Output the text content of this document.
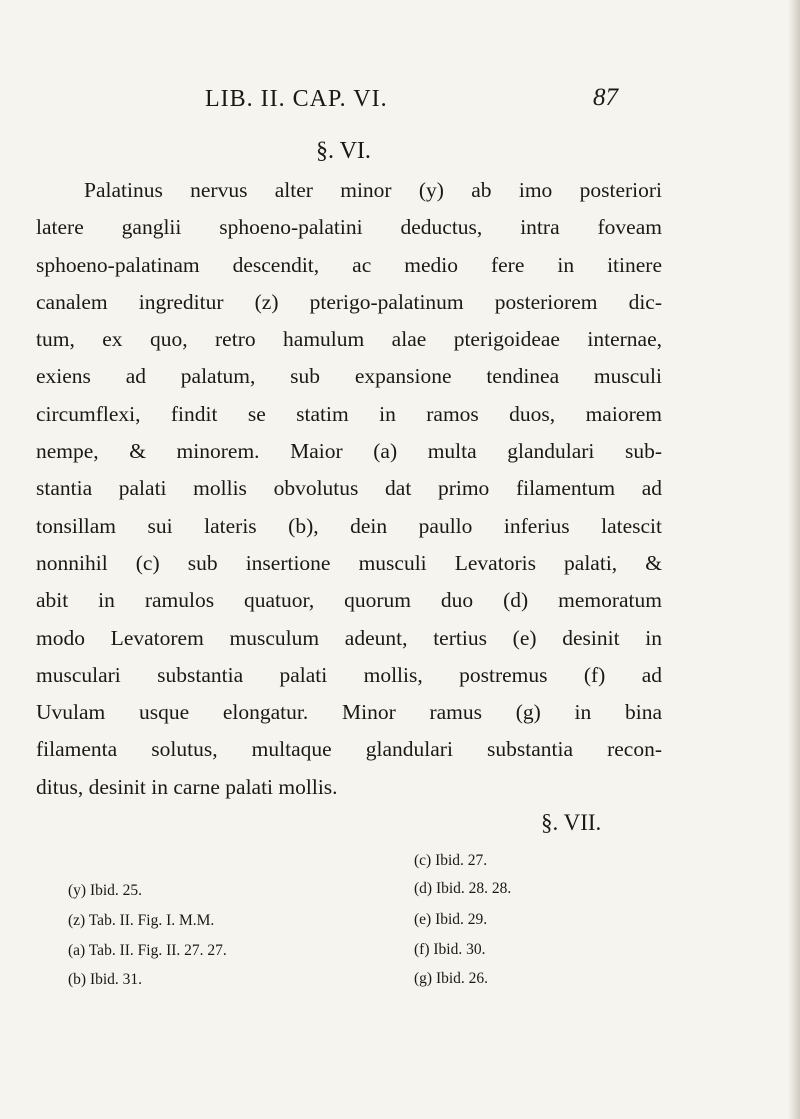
LIB. II. CAP. VI.	87
§. VI.
Palatinus nervus alter minor (y) ab imo posteriori
latere ganglii sphoeno-palatini deductus, intra foveam
sphoeno-palatinam descendit, ac medio fere in itinere
canalem ingreditur (z) pterigo-palatinum posteriorem dic-
tum, ex quo, retro hamulum alae pterigoideae internae,
exiens ad palatum, sub expansione tendinea musculi
circumflexi, findit se statim in ramos duos, maiorem
nempe, & minorem. Maior (a) multa glandulari sub-
stantia palati mollis obvolutus dat primo filamentum ad
tonsillam sui lateris (b), dein paullo inferius latescit
nonnihil (c) sub insertione musculi Levatoris palati, &
abit in ramulos quatuor, quorum duo (d) memoratum
modo Levatorem musculum adeunt, tertius (e) desinit in
musculari substantia palati mollis, postremus (f) ad
Uvulam usque elongatur. Minor ramus (g) in bina
filamenta solutus, multaque glandulari substantia recon-
ditus, desinit in carne palati mollis.
§. VII.
(c) Ibid. 27.
(y) Ibid. 25.	(d) Ibid. 28. 28.
(z) Tab. II. Fig. I. M.M.	(e) Ibid. 29.
(a) Tab. II. Fig. II. 27. 27.	(f) Ibid. 30.
(b) Ibid. 31.	(g) Ibid. 26.
